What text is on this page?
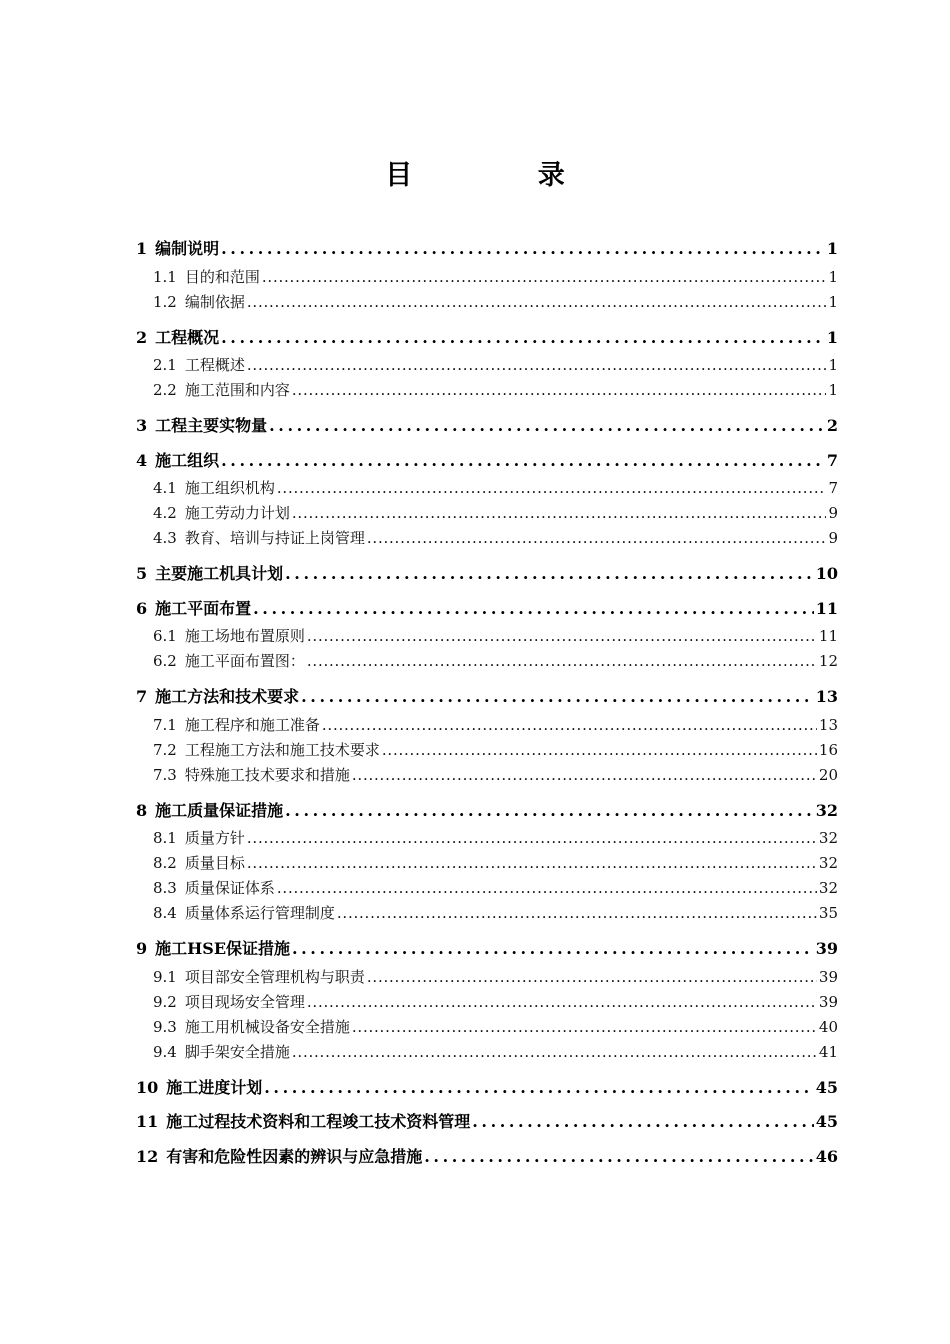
目 录
1 编制说明 . . .	1
1.1 目的和范围 . . .	1
1.2 编制依据 . . .	1
2 工程概况 . . .	1
2.1 工程概述 . . .	1
2.2 施工范围和内容 . . .	1
3 工程主要实物量 . . .	2
4 施工组织 . . .	7
4.1 施工组织机构 . . .	7
4.2 施工劳动力计划 . . .	9
4.3 教育、培训与持证上岗管理 . . .	9
5 主要施工机具计划 . . .	10
6 施工平面布置 . . .	11
6.1 施工场地布置原则 . . .	11
6.2 施工平面布置图： . . .	12
7 施工方法和技术要求 . . .	13
7.1 施工程序和施工准备 . . .	13
7.2 工程施工方法和施工技术要求 . . .	16
7.3 特殊施工技术要求和措施 . . .	20
8 施工质量保证措施 . . .	32
8.1 质量方针 . . .	32
8.2 质量目标 . . .	32
8.3 质量保证体系 . . .	32
8.4 质量体系运行管理制度 . . .	35
9 施工HSE保证措施 . . .	39
9.1 项目部安全管理机构与职责 . . .	39
9.2 项目现场安全管理 . . .	39
9.3 施工用机械设备安全措施 . . .	40
9.4 脚手架安全措施 . . .	41
10 施工进度计划 . . .	45
11 施工过程技术资料和工程竣工技术资料管理 . . .	45
12 有害和危险性因素的辨识与应急措施 . . .	46
